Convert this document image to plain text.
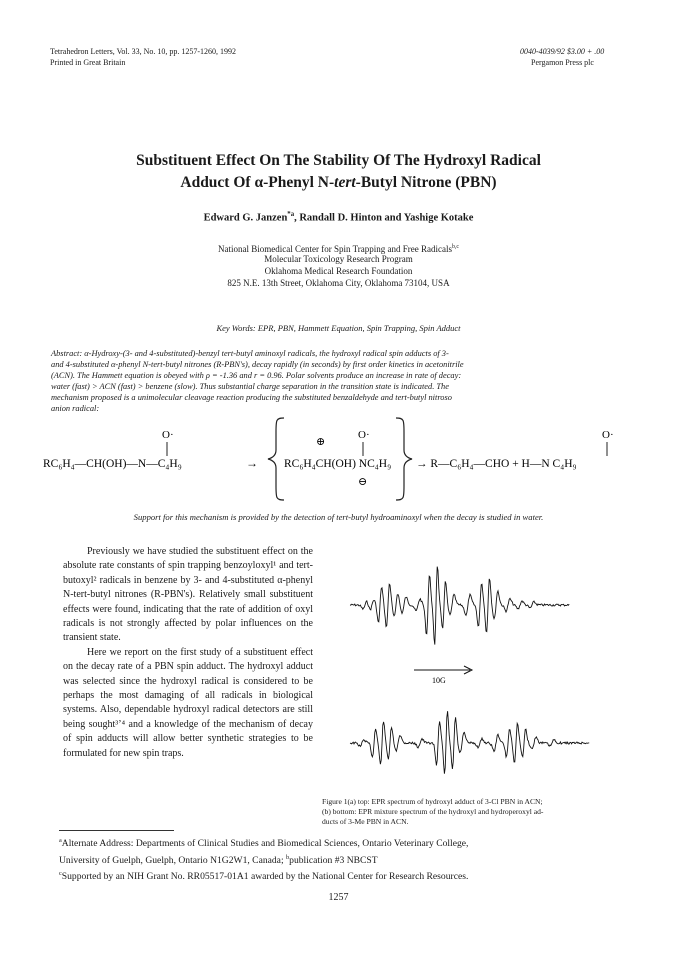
Tetrahedron Letters, Vol. 33, No. 10, pp. 1257-1260, 1992
Printed in Great Britain
0040-4039/92 $3.00 + .00
Pergamon Press plc
Substituent Effect On The Stability Of The Hydroxyl Radical
Adduct Of α-Phenyl N-tert-Butyl Nitrone (PBN)
Edward G. Janzen$^{*a}$, Randall D. Hinton and Yashige Kotake
National Biomedical Center for Spin Trapping and Free Radicals$^{b,c}$
Molecular Toxicology Research Program
Oklahoma Medical Research Foundation
825 N.E. 13th Street, Oklahoma City, Oklahoma 73104, USA
Key Words: EPR, PBN, Hammett Equation, Spin Trapping, Spin Adduct
Abstract: α-Hydroxy-(3- and 4-substituted)-benzyl tert-butyl aminoxyl radicals, the hydroxyl radical spin adducts of 3-
and 4-substituted α-phenyl N-tert-butyl nitrones (R-PBN's), decay rapidly (in seconds) by first order kinetics in acetonitrile
(ACN). The Hammett equation is obeyed with ρ = -1.36 and r = 0.96. Polar solvents produce an increase in rate of decay:
water (fast) > ACN (fast) > benzene (slow). Thus substantial charge separation in the transition state is indicated. The
mechanism proposed is a unimolecular cleavage reaction producing the substituted benzaldehyde and tert-butyl nitroso
anion radical:
O·
RC₆H₄—CH(OH)—N—C₄H₉	→
⊕
O·
RC₆H₄CH(OH) NC₄H₉
⊖
O·
→ R—C₆H₄—CHO + H—N C₄H₉
Support for this mechanism is provided by the detection of tert-butyl hydroaminoxyl when the decay is studied in water.

Previously we have studied the substituent effect on the absolute rate constants of spin trapping benzoyloxyl¹ and tert-butoxyl² radicals in benzene by 3- and 4-substituted α-phenyl N-tert-butyl nitrones (R-PBN's). Relatively small substituent effects were found, indicating that the rate of addition of oxyl radicals is not strongly affected by polar influences on the transient state.

Here we report on the first study of a substituent effect on the decay rate of a PBN spin adduct. The hydroxyl adduct was selected since the hydroxyl radical is considered to be perhaps the most damaging of all radicals in biological systems. Also, dependable hydroxyl radical detectors are still being sought³ʼ⁴ and a knowledge of the mechanism of decay of spin adducts will allow better synthetic strategies to be formulated for new spin traps.

10G
Figure 1(a) top: EPR spectrum of hydroxyl adduct of 3-Cl PBN in ACN;
(b) bottom: EPR mixture spectrum of the hydroxyl and hydroperoxyl ad-
ducts of 3-Me PBN in ACN.
$^a$Alternate Address: Departments of Clinical Studies and Biomedical Sciences, Ontario Veterinary College,
University of Guelph, Guelph, Ontario N1G2W1, Canada; $^b$publication #3 NBCST
$^c$Supported by an NIH Grant No. RR05517-01A1 awarded by the National Center for Research Resources.
1257
